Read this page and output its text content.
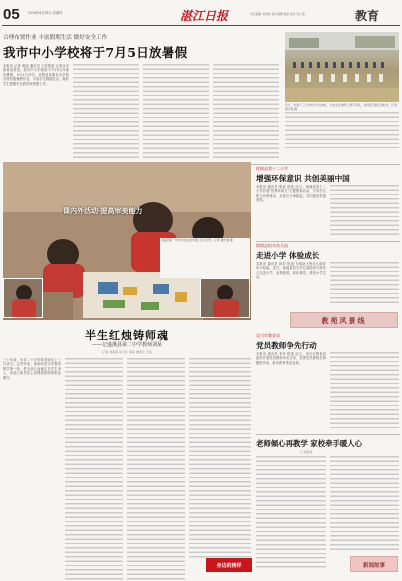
05	2018年6月28日 星期四	湛江日报	责任编辑 刘秀娟 美术编辑 谢丽 校对 吴小燕	教育
合理布置作业 丰富假期生活 做好安全工作
我市中小学校将于7月5日放暑假
本报讯 记者 黄丽 通讯员 王欣报道 记者从市教育局获悉，我市中小学校将于7月5日开始放暑假，9月1日开学。市教育局要求各学校合理布置暑假作业，丰富学生假期生活，做好学生假期安全教育和管理工作。
近日，市第十三小学举行毕业典礼，毕业生在操场上整齐列队，共同度过难忘的时光。记者 谢志强 摄
徐闻县第十二小学
增强环保意识 共创美丽中国
本报讯 通讯员 陈春 报道 近日，徐闻县第十二小学开展"世界环境日"主题教育活动，引导学生树立环保意识，从身边小事做起，共同建设美丽家园。
徐闻县机关幼儿园
走进小学 体验成长
本报讯 通讯员 林芳 报道 为帮助大班幼儿做好幼小衔接，近日，徐闻县机关幼儿园组织大班幼儿走进小学，参观校园，体验课堂，感受小学生活。
教苑风景线
课内外活动 提高审美能力
遂溪县第一中学学生在美术课上进行创作。记者 谢志强 摄
半生红烛铸师魂
——记遂溪县第二中学教师刘某
记者 刘某某 实习生 蔡某 通讯员 王某
三十年前，年仅二十岁的刘老师走上三尺讲台。这些年来，他始终坚守在教育教学第一线，把全部心血倾注在学生身上，用爱心和责任心诠释着教师的职业操守。
吴川市教育局
党员教师争先行动
本报讯 通讯员 李华 报道 近日，吴川市教育局组织开展党员教师争先行动，发挥党员教师先锋模范作用，推动教育事业发展。
老师倾心再教学 家校牵手暖人心
□ 刘某某
身边的榜样	新闻故事
